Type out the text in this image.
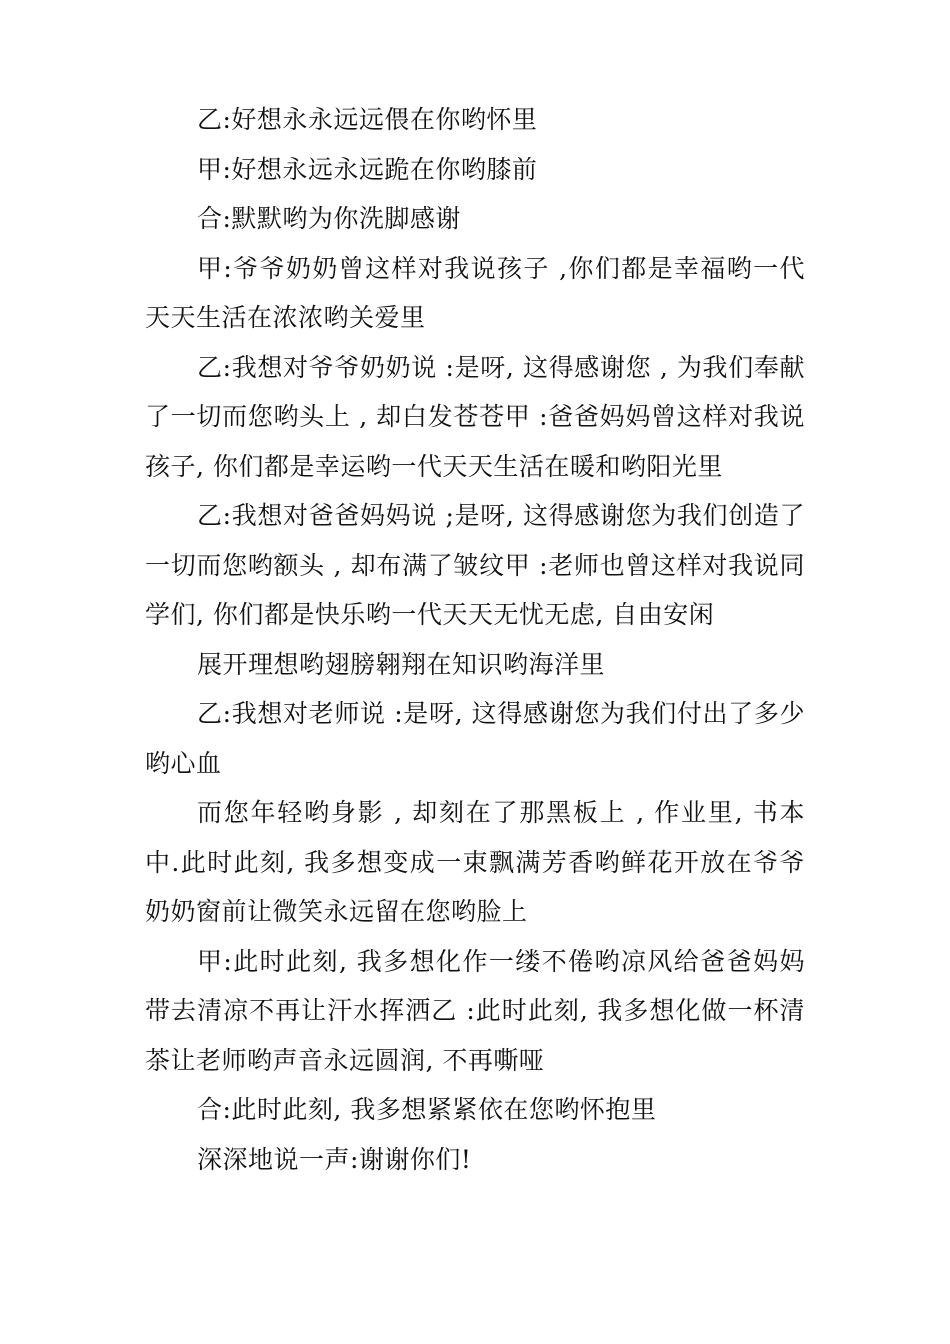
乙:好想永永远远偎在你哟怀里

甲:好想永远永远跪在你哟膝前

合:默默哟为你洗脚感谢

甲:爷爷奶奶曾这样对我说孩子 ,你们都是幸福哟一代天天生活在浓浓哟关爱里

乙:我想对爷爷奶奶说 :是呀, 这得感谢您 , 为我们奉献了一切而您哟头上 , 却白发苍苍甲 :爸爸妈妈曾这样对我说孩子, 你们都是幸运哟一代天天生活在暖和哟阳光里

乙:我想对爸爸妈妈说 ;是呀, 这得感谢您为我们创造了一切而您哟额头 , 却布满了皱纹甲 :老师也曾这样对我说同学们, 你们都是快乐哟一代天天无忧无虑, 自由安闲

展开理想哟翅膀翱翔在知识哟海洋里

乙:我想对老师说 :是呀, 这得感谢您为我们付出了多少哟心血

而您年轻哟身影 , 却刻在了那黑板上 , 作业里, 书本中.此时此刻, 我多想变成一束飘满芳香哟鲜花开放在爷爷奶奶窗前让微笑永远留在您哟脸上

甲:此时此刻, 我多想化作一缕不倦哟凉风给爸爸妈妈带去清凉不再让汗水挥洒乙 :此时此刻, 我多想化做一杯清茶让老师哟声音永远圆润, 不再嘶哑

合:此时此刻, 我多想紧紧依在您哟怀抱里

深深地说一声:谢谢你们!
